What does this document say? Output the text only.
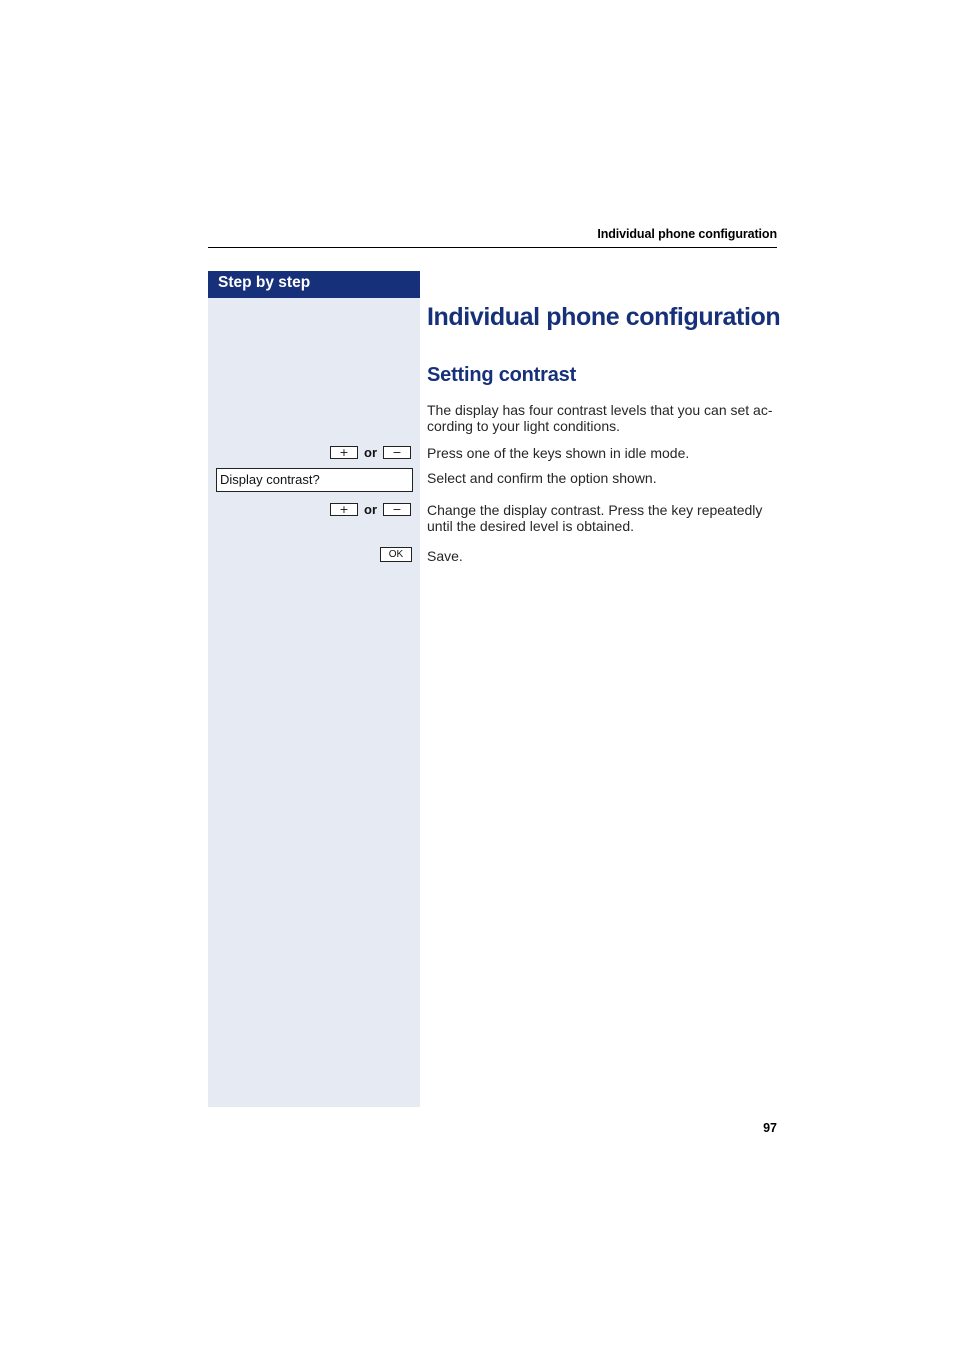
Individual phone configuration
Step by step
Individual phone configuration
Setting contrast
The display has four contrast levels that you can set ac-
cording to your light conditions.
+	or	−	Press one of the keys shown in idle mode.
Display contrast?	Select and confirm the option shown.
+	or	−	Change the display contrast. Press the key repeatedly until the desired level is obtained.
OK	Save.
97
